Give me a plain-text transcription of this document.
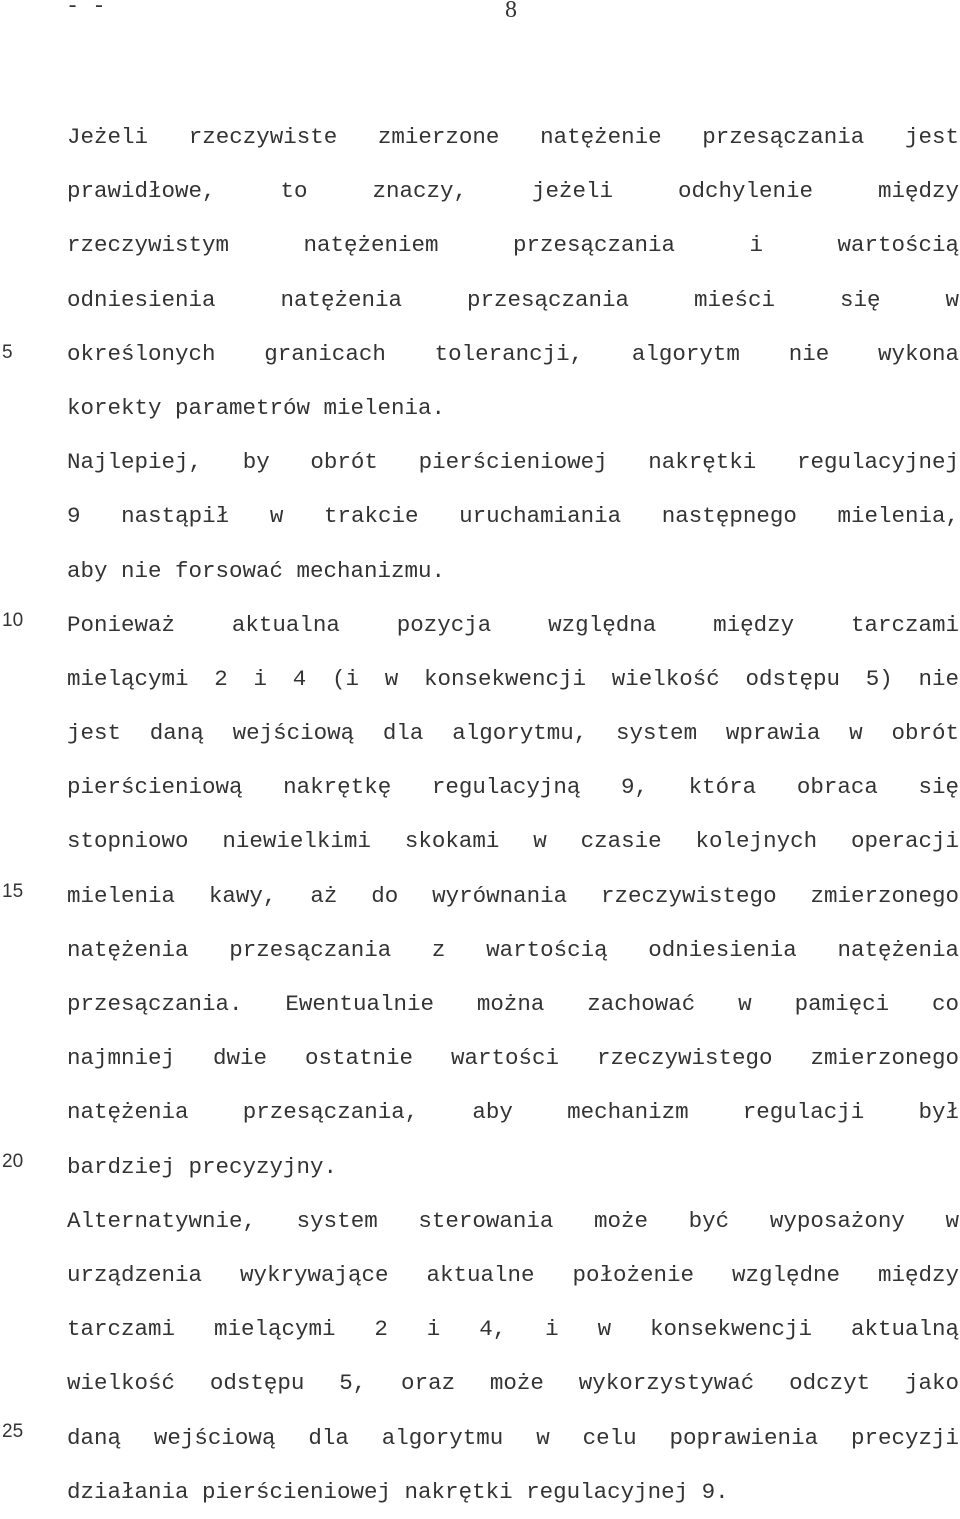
- -	8
5
10
15
20
25
Jeżeli rzeczywiste zmierzone natężenie przesączania jest
prawidłowe, to znaczy, jeżeli odchylenie między
rzeczywistym natężeniem przesączania i wartością
odniesienia natężenia przesączania mieści się w
określonych granicach tolerancji, algorytm nie wykona
korekty parametrów mielenia.
Najlepiej, by obrót pierścieniowej nakrętki regulacyjnej
9 nastąpił w trakcie uruchamiania następnego mielenia,
aby nie forsować mechanizmu.
Ponieważ aktualna pozycja względna między tarczami
mielącymi 2 i 4 (i w konsekwencji wielkość odstępu 5) nie
jest daną wejściową dla algorytmu, system wprawia w obrót
pierścieniową nakrętkę regulacyjną 9, która obraca się
stopniowo niewielkimi skokami w czasie kolejnych operacji
mielenia kawy, aż do wyrównania rzeczywistego zmierzonego
natężenia przesączania z wartością odniesienia natężenia
przesączania. Ewentualnie można zachować w pamięci co
najmniej dwie ostatnie wartości rzeczywistego zmierzonego
natężenia przesączania, aby mechanizm regulacji był
bardziej precyzyjny.
Alternatywnie, system sterowania może być wyposażony w
urządzenia wykrywające aktualne położenie względne między
tarczami mielącymi 2 i 4, i w konsekwencji aktualną
wielkość odstępu 5, oraz może wykorzystywać odczyt jako
daną wejściową dla algorytmu w celu poprawienia precyzji
działania pierścieniowej nakrętki regulacyjnej 9.
